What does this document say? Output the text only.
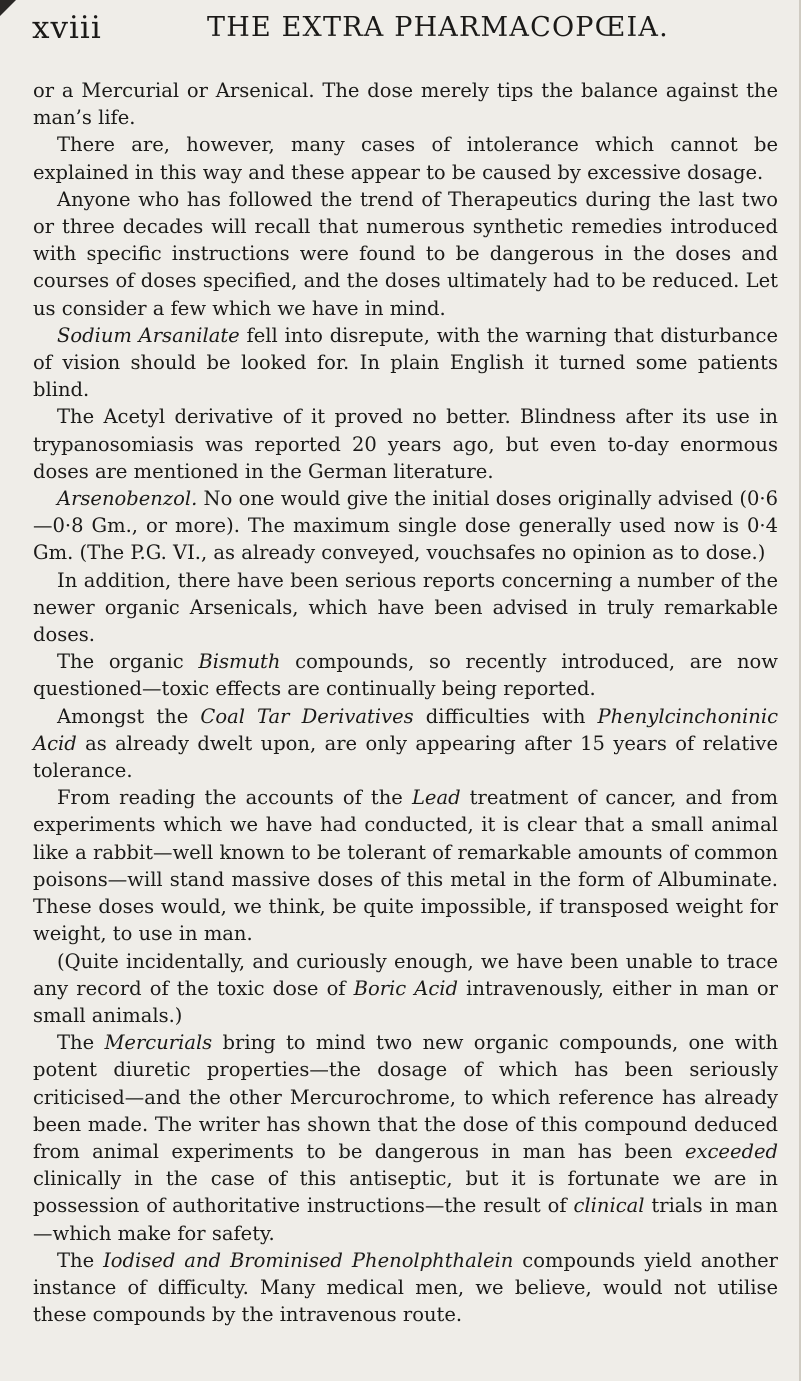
xviii	THE EXTRA PHARMACOPŒIA.

or a Mercurial or Arsenical. The dose merely tips the balance against the man’s life.

There are, however, many cases of intolerance which cannot be explained in this way and these appear to be caused by excessive dosage.

Anyone who has followed the trend of Therapeutics during the last two or three decades will recall that numerous synthetic remedies introduced with specific instructions were found to be dangerous in the doses and courses of doses specified, and the doses ultimately had to be reduced. Let us consider a few which we have in mind.

Sodium Arsanilate fell into disrepute, with the warning that disturbance of vision should be looked for. In plain English it turned some patients blind.

The Acetyl derivative of it proved no better. Blindness after its use in trypanosomiasis was reported 20 years ago, but even to-day enormous doses are mentioned in the German literature.

Arsenobenzol. No one would give the initial doses originally advised (0·6—0·8 Gm., or more). The maximum single dose generally used now is 0·4 Gm. (The P.G. VI., as already conveyed, vouchsafes no opinion as to dose.)

In addition, there have been serious reports concerning a number of the newer organic Arsenicals, which have been advised in truly remarkable doses.

The organic Bismuth compounds, so recently introduced, are now questioned—toxic effects are continually being reported.

Amongst the Coal Tar Derivatives difficulties with Phenylcinchoninic Acid as already dwelt upon, are only appearing after 15 years of relative tolerance.

From reading the accounts of the Lead treatment of cancer, and from experiments which we have had conducted, it is clear that a small animal like a rabbit—well known to be tolerant of remarkable amounts of common poisons—will stand massive doses of this metal in the form of Albuminate. These doses would, we think, be quite impossible, if transposed weight for weight, to use in man.

(Quite incidentally, and curiously enough, we have been unable to trace any record of the toxic dose of Boric Acid intravenously, either in man or small animals.)

The Mercurials bring to mind two new organic compounds, one with potent diuretic properties—the dosage of which has been seriously criticised—and the other Mercurochrome, to which reference has already been made. The writer has shown that the dose of this compound deduced from animal experiments to be dangerous in man has been exceeded clinically in the case of this antiseptic, but it is fortunate we are in possession of authoritative instructions—the result of clinical trials in man—which make for safety.

The Iodised and Brominised Phenolphthalein compounds yield another instance of difficulty. Many medical men, we believe, would not utilise these compounds by the intravenous route.
